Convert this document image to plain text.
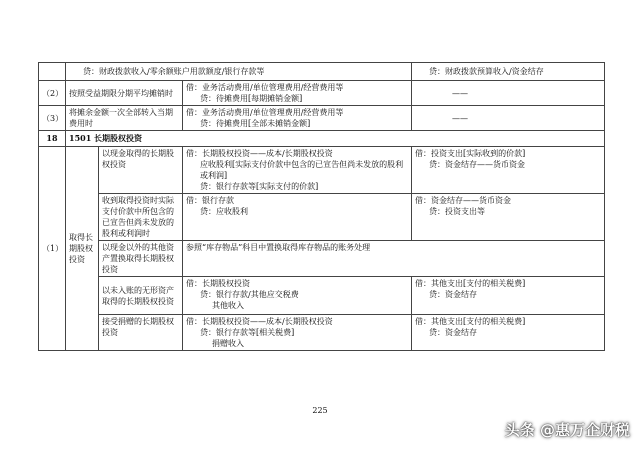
	贷：财政拨款收入/零余额账户用款额度/银行存款等			贷：财政拨款预算收入/资金结存

（2）	按照受益期限分期平均摊销时		借：业务活动费用/单位管理费用/经营费用等
贷：待摊费用[每期摊销金额]	——
（3）	将摊余金额一次全部转入当期费用时		借：业务活动费用/单位管理费用/经营费用等
贷：待摊费用[全部未摊销金额]	——
18	1501 长期股权投资			
（1）	取得长期股权投资	以现金取得的长期股权投资	借：长期股权投资——成本/长期股权投资
应收股利[实际支付价款中包含的已宣告但尚未发放的股利或利润]
贷：银行存款等[实际支付的价款]	借：投资支出[实际收到的价款]
贷：资金结存——货币资金

		收到取得投资时实际支付价款中所包含的已宣告但尚未发放的股利或利润时	借：银行存款
贷：应收股利	借：资金结存——货币资金
贷：投资支出等

		以现金以外的其他资产置换取得长期股权投资	参照“库存物品”科目中置换取得库存物品的账务处理	
		以未入账的无形资产取得的长期股权投资	借：长期股权投资
贷：银行存款/其他应交税费
其他收入	借：其他支出[支付的相关税费]
贷：资金结存

		接受捐赠的长期股权投资	借：长期股权投资——成本/长期股权投资
贷：银行存款等[相关税费]
捐赠收入	借：其他支出[支付的相关税费]
贷：资金结存
225
头条 @惠万企财税
